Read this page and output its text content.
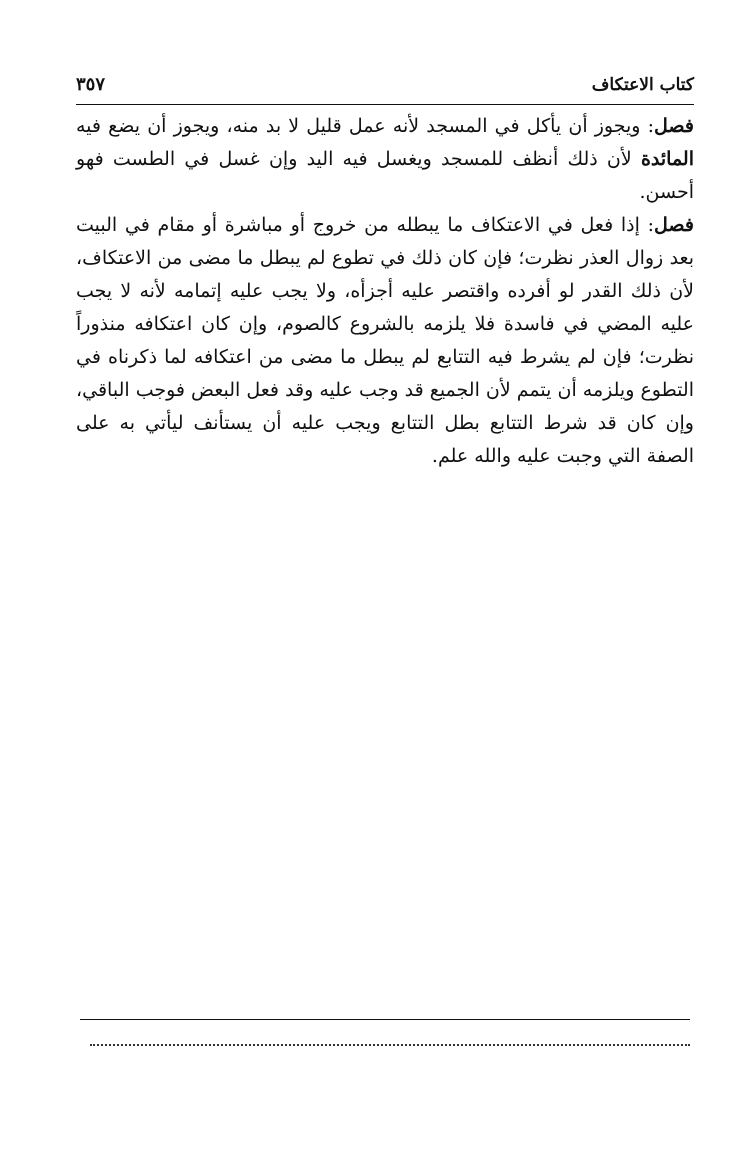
كتاب الاعتكاف
٣٥٧

فصل: ويجوز أن يأكل في المسجد لأنه عمل قليل لا بد منه، ويجوز أن يضع فيه المائدة لأن ذلك أنظف للمسجد ويغسل فيه اليد وإن غسل في الطست فهو أحسن.

فصل: إذا فعل في الاعتكاف ما يبطله من خروج أو مباشرة أو مقام في البيت بعد زوال العذر نظرت؛ فإن كان ذلك في تطوع لم يبطل ما مضى من الاعتكاف، لأن ذلك القدر لو أفرده واقتصر عليه أجزأه، ولا يجب عليه إتمامه لأنه لا يجب عليه المضي في فاسدة فلا يلزمه بالشروع كالصوم، وإن كان اعتكافه منذوراً نظرت؛ فإن لم يشرط فيه التتابع لم يبطل ما مضى من اعتكافه لما ذكرناه في التطوع ويلزمه أن يتمم لأن الجميع قد وجب عليه وقد فعل البعض فوجب الباقي، وإن كان قد شرط التتابع بطل التتابع ويجب عليه أن يستأنف ليأتي به على الصفة التي وجبت عليه والله علم.
